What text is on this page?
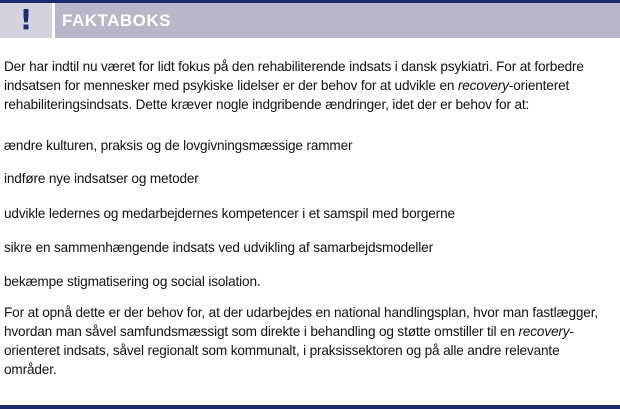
! FAKTABOKS

Der har indtil nu været for lidt fokus på den rehabiliterende indsats i dansk psykiatri. For at forbedre indsatsen for mennesker med psykiske lidelser er der behov for at udvikle en recovery-orienteret rehabiliteringsindsats. Dette kræver nogle indgribende ændringer, idet der er behov for at:

ændre kulturen, praksis og de lovgivningsmæssige rammer

indføre nye indsatser og metoder

udvikle ledernes og medarbejdernes kompetencer i et samspil med borgerne

sikre en sammenhængende indsats ved udvikling af samarbejdsmodeller

bekæmpe stigmatisering og social isolation.

For at opnå dette er der behov for, at der udarbejdes en national handlingsplan, hvor man fastlægger, hvordan man såvel samfundsmæssigt som direkte i behandling og støtte omstiller til en recovery-orienteret indsats, såvel regionalt som kommunalt, i praksissektoren og på alle andre relevante områder.
